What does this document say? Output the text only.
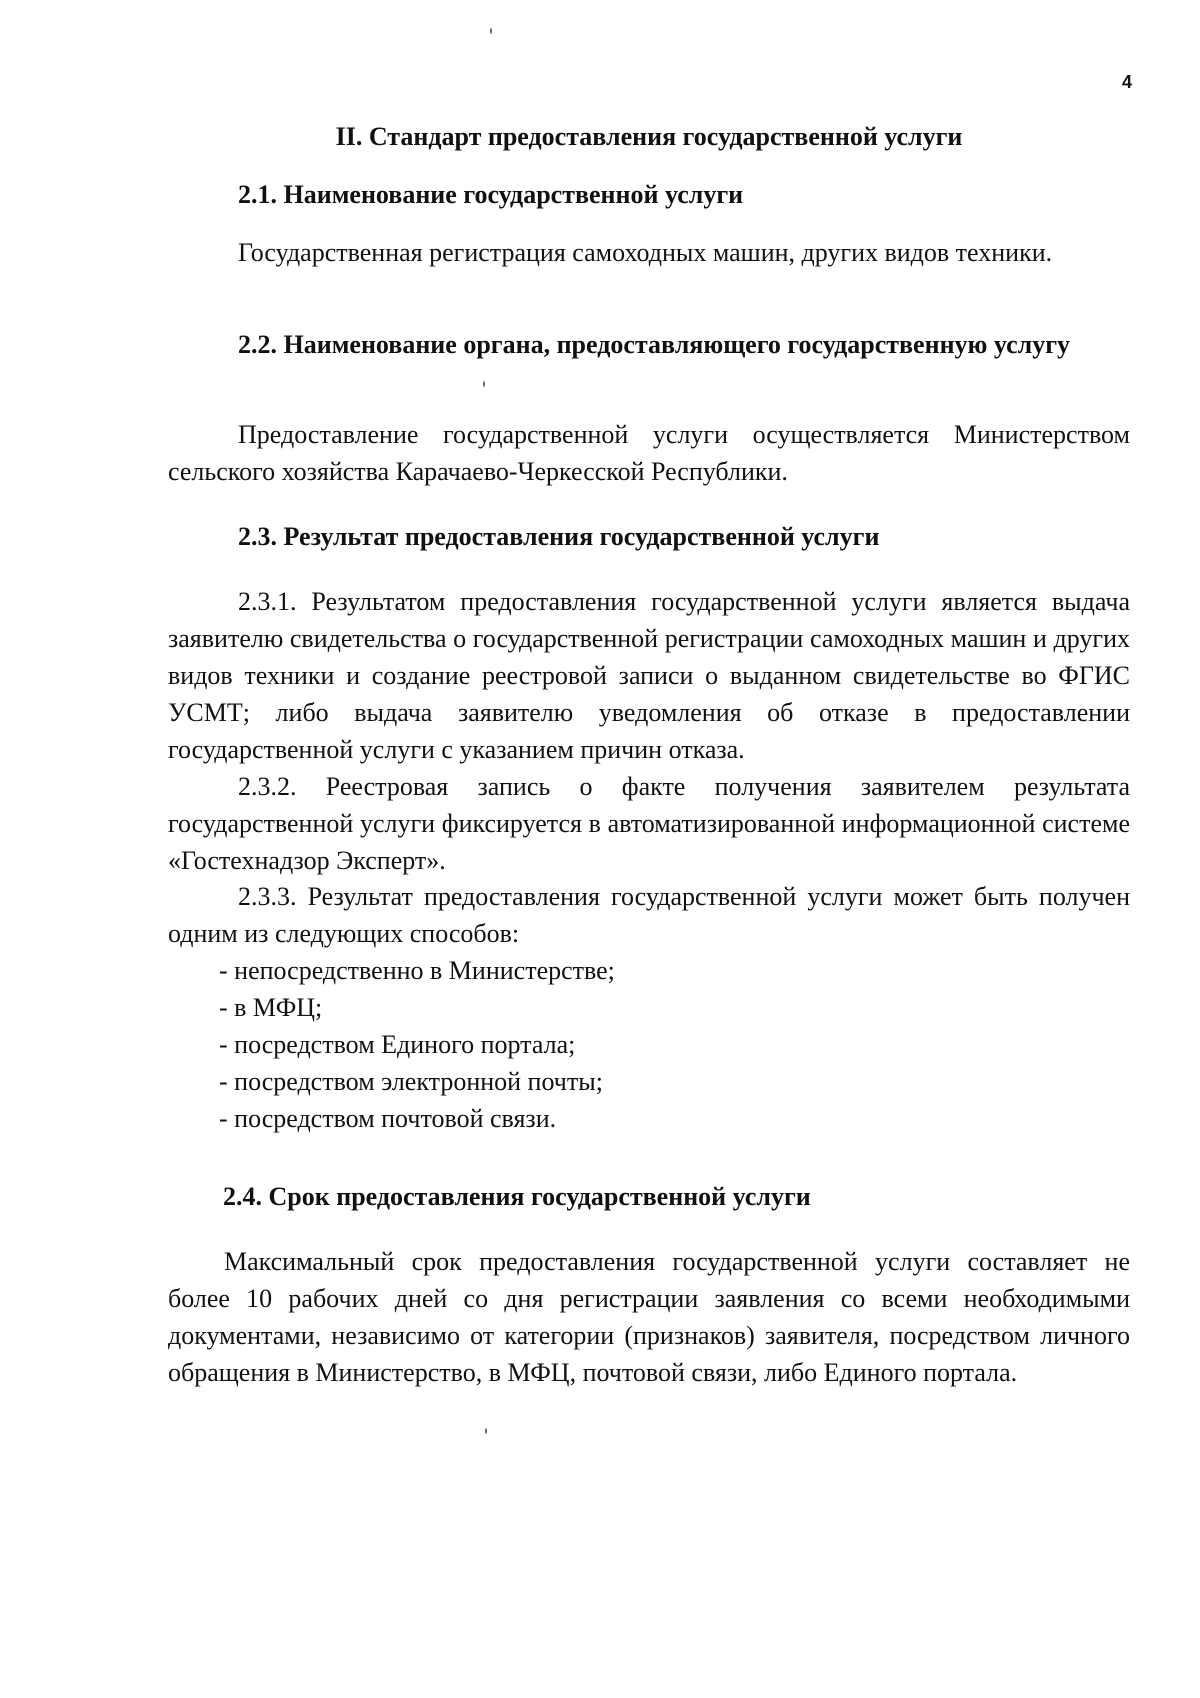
4
II. Стандарт предоставления государственной услуги
2.1. Наименование государственной услуги
Государственная регистрация самоходных машин, других видов техники.
2.2. Наименование органа, предоставляющего государственную услугу
Предоставление государственной услуги осуществляется Министерством сельского хозяйства Карачаево-Черкесской Республики.
2.3. Результат предоставления государственной услуги
2.3.1. Результатом предоставления государственной услуги является выдача заявителю свидетельства о государственной регистрации самоходных машин и других видов техники и создание реестровой записи о выданном свидетельстве во ФГИС УСМТ; либо выдача заявителю уведомления об отказе в предоставлении государственной услуги с указанием причин отказа.
2.3.2. Реестровая запись о факте получения заявителем результата государственной услуги фиксируется в автоматизированной информационной системе «Гостехнадзор Эксперт».
2.3.3. Результат предоставления государственной услуги может быть получен одним из следующих способов:
- непосредственно в Министерстве;
- в МФЦ;
- посредством Единого портала;
- посредством электронной почты;
- посредством почтовой связи.
2.4. Срок предоставления государственной услуги
Максимальный срок предоставления государственной услуги составляет не более 10 рабочих дней со дня регистрации заявления со всеми необходимыми документами, независимо от категории (признаков) заявителя, посредством личного обращения в Министерство, в МФЦ, почтовой связи, либо Единого портала.
